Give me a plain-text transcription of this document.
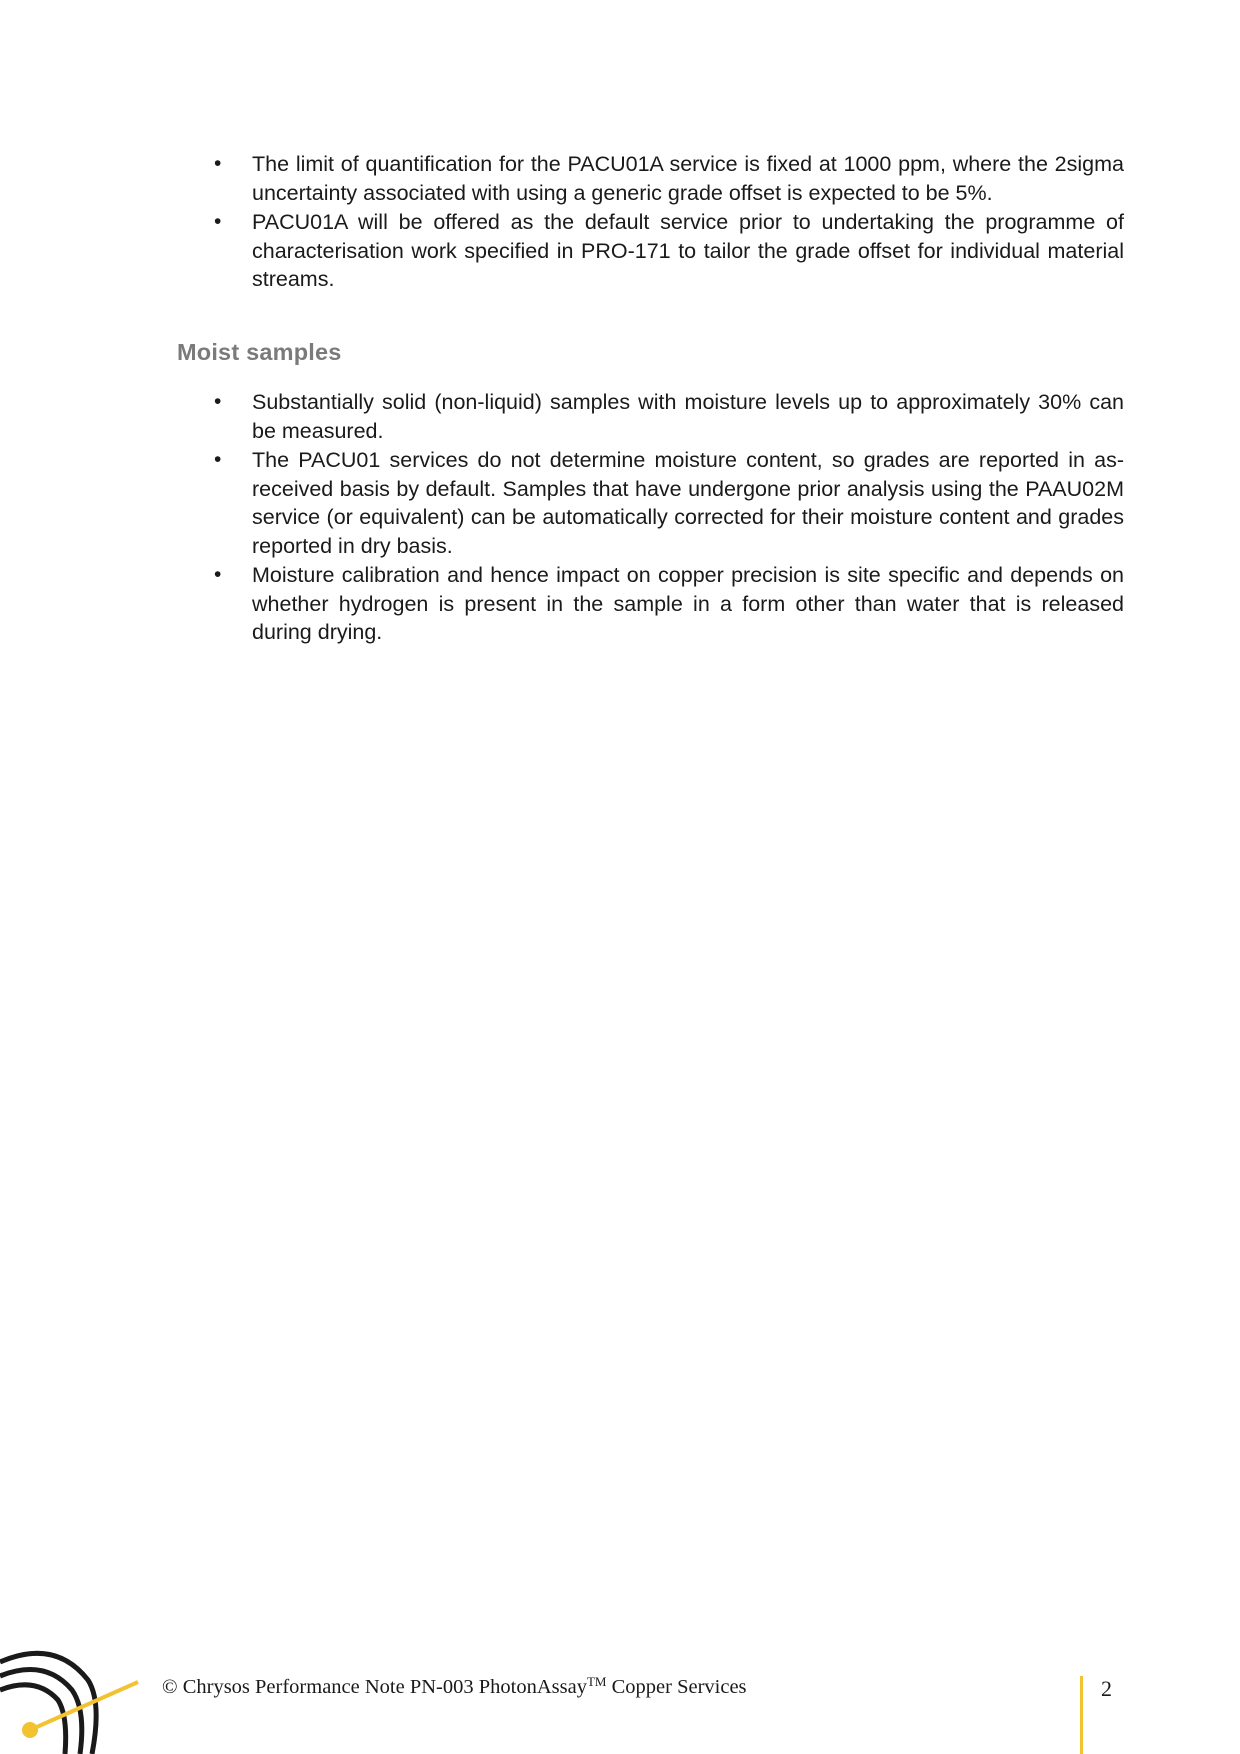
• The limit of quantification for the PACU01A service is fixed at 1000 ppm, where the 2sigma uncertainty associated with using a generic grade offset is expected to be 5%.
• PACU01A will be offered as the default service prior to undertaking the programme of characterisation work specified in PRO-171 to tailor the grade offset for individual material streams.
Moist samples
• Substantially solid (non-liquid) samples with moisture levels up to approximately 30% can be measured.
• The PACU01 services do not determine moisture content, so grades are reported in as-received basis by default. Samples that have undergone prior analysis using the PAAU02M service (or equivalent) can be automatically corrected for their moisture content and grades reported in dry basis.
• Moisture calibration and hence impact on copper precision is site specific and depends on whether hydrogen is present in the sample in a form other than water that is released during drying.
© Chrysos Performance Note PN-003 PhotonAssay™ Copper Services	2
